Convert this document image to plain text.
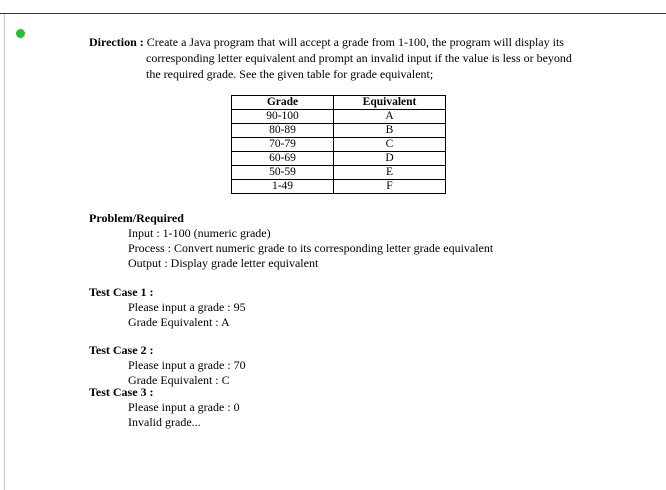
Direction : Create a Java program that will accept a grade from 1-100, the program will display its
corresponding letter equivalent and prompt an invalid input if the value is less or beyond
the required grade. See the given table for grade equivalent;
Grade	Equivalent
90-100	A
80-89	B
70-79	C
60-69	D
50-59	E
1-49	F
Problem/Required
Input : 1-100 (numeric grade)
Process : Convert numeric grade to its corresponding letter grade equivalent
Output : Display grade letter equivalent
Test Case 1 :
Please input a grade : 95
Grade Equivalent : A
Test Case 2 :
Please input a grade : 70
Grade Equivalent : C
Test Case 3 :
Please input a grade : 0
Invalid grade...
